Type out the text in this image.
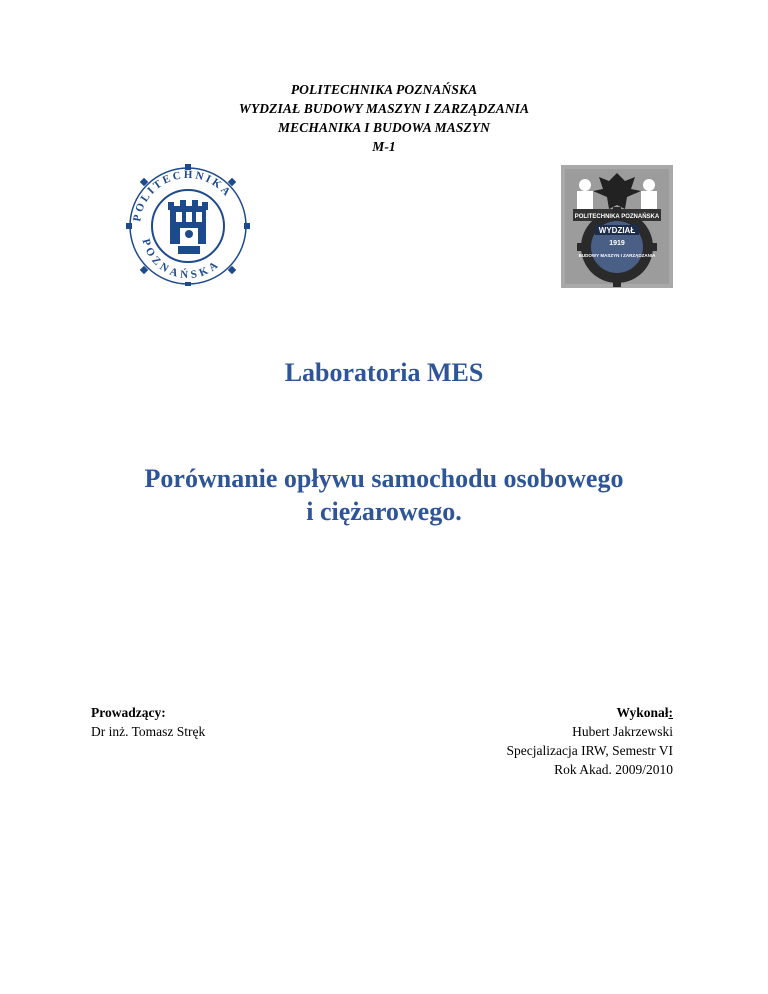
POLITECHNIKA POZNAŃSKA
WYDZIAŁ BUDOWY MASZYN I ZARZĄDZANIA
MECHANIKA I BUDOWA MASZYN
M-1
POLITECHNIKA
POZNAŃSKA
POLITECHNIKA POZNAŃSKA
WYDZIAŁ
1919
BUDOWY MASZYN I ZARZĄDZANIA
Laboratoria MES
Porównanie opływu samochodu osobowego
i ciężarowego.
Prowadzący:
Dr inż. Tomasz Stręk
Wykonał:
Hubert Jakrzewski
Specjalizacja IRW, Semestr VI
Rok Akad. 2009/2010
